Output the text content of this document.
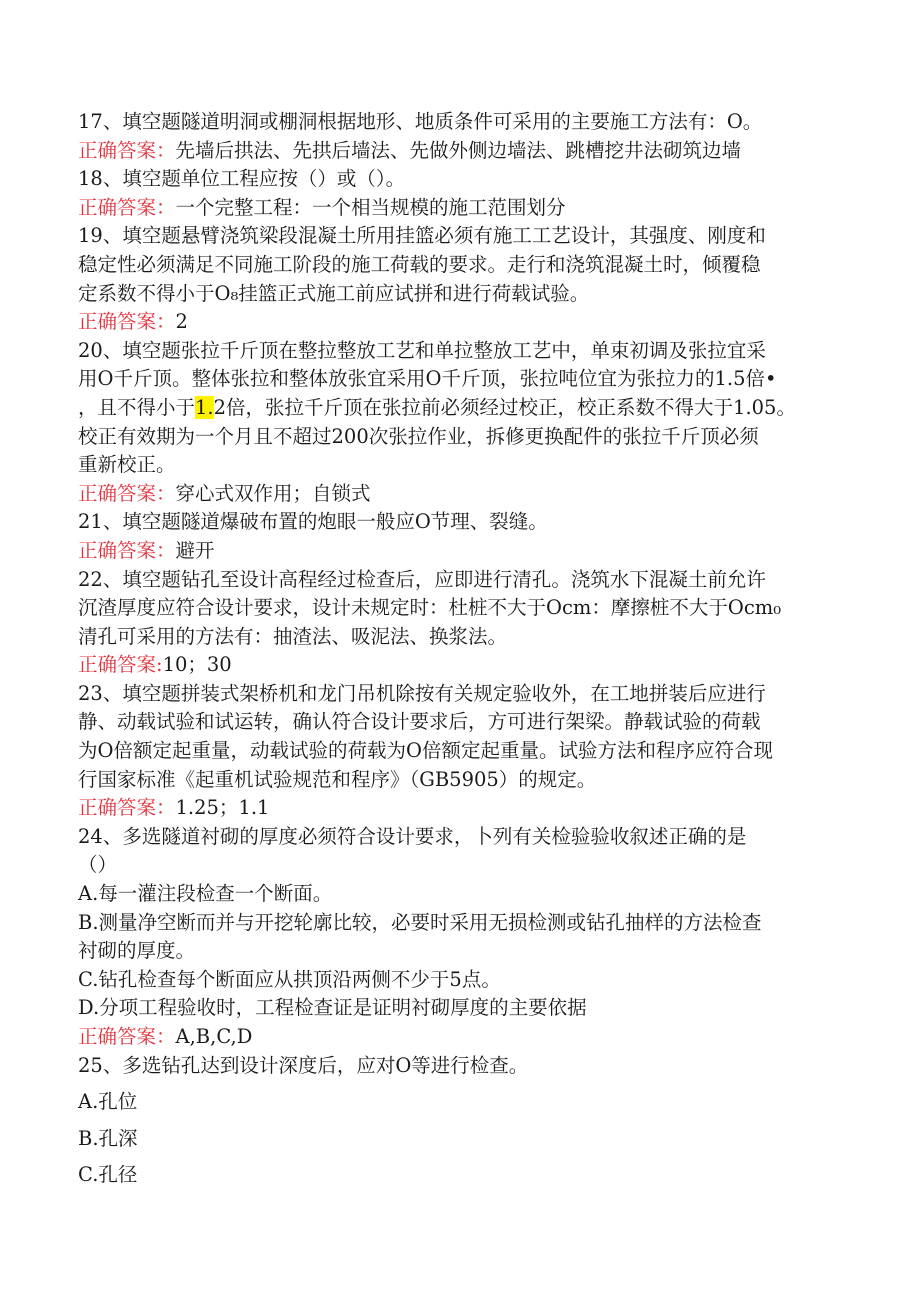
17、填空题隧道明洞或棚洞根据地形、地质条件可采用的主要施工方法有：O。
正确答案：先墙后拱法、先拱后墙法、先做外侧边墙法、跳槽挖井法砌筑边墙
18、填空题单位工程应按（）或（）。
正确答案：一个完整工程：一个相当规模的施工范围划分
19、填空题悬臂浇筑梁段混凝土所用挂篮必须有施工工艺设计，其强度、刚度和
稳定性必须满足不同施工阶段的施工荷载的要求。走行和浇筑混凝土时，倾覆稳
定系数不得小于O₈挂篮正式施工前应试拼和进行荷载试验。
正确答案：2
20、填空题张拉千斤顶在整拉整放工艺和单拉整放工艺中，单束初调及张拉宜采
用O千斤顶。整体张拉和整体放张宜采用O千斤顶，张拉吨位宜为张拉力的1.5倍•
，且不得小于1.2倍，张拉千斤顶在张拉前必须经过校正，校正系数不得大于1.05。
校正有效期为一个月且不超过200次张拉作业，拆修更换配件的张拉千斤顶必须
重新校正。
正确答案：穿心式双作用；自锁式
21、填空题隧道爆破布置的炮眼一般应O节理、裂缝。
正确答案：避开
22、填空题钻孔至设计高程经过检查后，应即进行清孔。浇筑水下混凝土前允许
沉渣厚度应符合设计要求，设计未规定时：杜桩不大于Ocm：摩擦桩不大于Ocm₀
清孔可采用的方法有：抽渣法、吸泥法、换浆法。
正确答案:10；30
23、填空题拼装式架桥机和龙门吊机除按有关规定验收外，在工地拼装后应进行
静、动载试验和试运转，确认符合设计要求后，方可进行架梁。静载试验的荷载
为O倍额定起重量，动载试验的荷载为O倍额定起重量。试验方法和程序应符合现
行国家标准《起重机试验规范和程序》（GB5905）的规定。
正确答案：1.25；1.1
24、多选隧道衬砌的厚度必须符合设计要求，卜列有关检验验收叙述正确的是
（）
A.每一灌注段检查一个断面。
B.测量净空断而并与开挖轮廓比较，必要时采用无损检测或钻孔抽样的方法检查
衬砌的厚度。
C.钻孔检查每个断面应从拱顶沿两侧不少于5点。
D.分项工程验收时，工程检查证是证明衬砌厚度的主要依据
正确答案：A,B,C,D
25、多选钻孔达到设计深度后，应对O等进行检查。
A.孔位
B.孔深
C.孔径
